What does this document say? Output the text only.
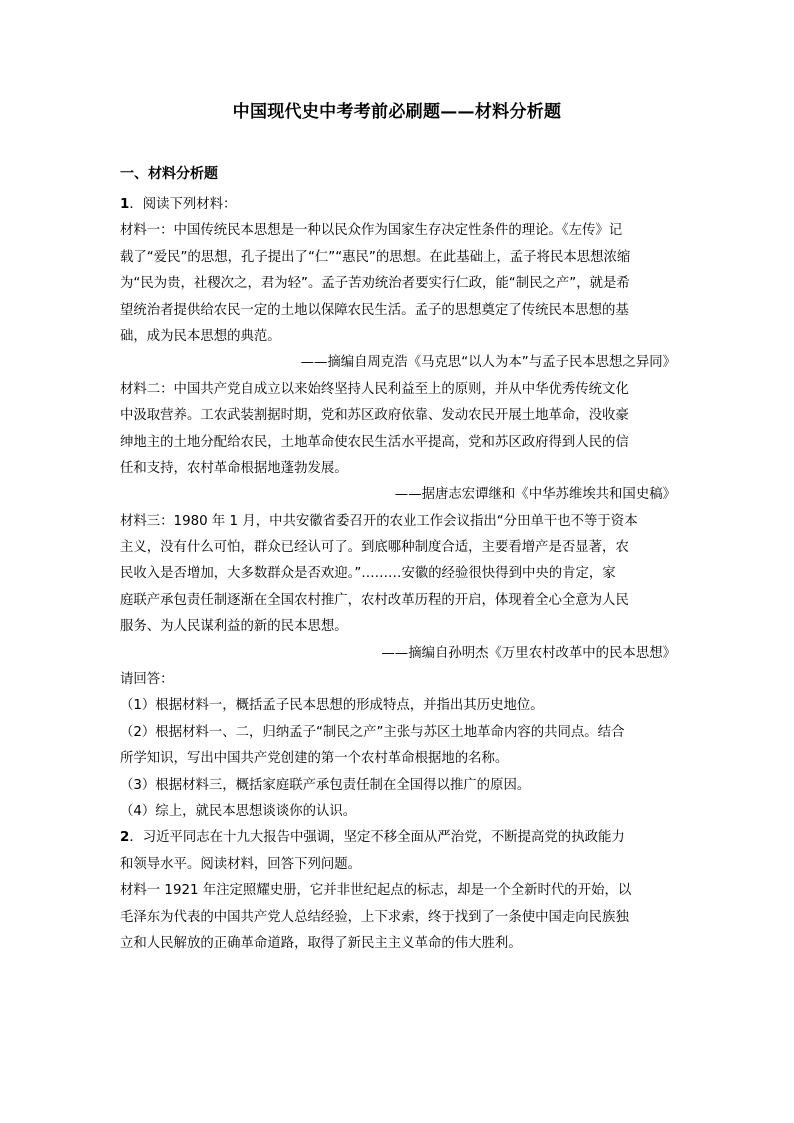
中国现代史中考考前必刷题——材料分析题
一、材料分析题
1．阅读下列材料：
材料一：中国传统民本思想是一种以民众作为国家生存决定性条件的理论。《左传》记
载了“爱民”的思想，孔子提出了“仁”“惠民”的思想。在此基础上，孟子将民本思想浓缩
为“民为贵，社稷次之，君为轻”。孟子苦劝统治者要实行仁政，能“制民之产”，就是希
望统治者提供给农民一定的土地以保障农民生活。孟子的思想奠定了传统民本思想的基
础，成为民本思想的典范。
——摘编自周克浩《马克思“以人为本”与孟子民本思想之异同》
材料二：中国共产党自成立以来始终坚持人民利益至上的原则，并从中华优秀传统文化
中汲取营养。工农武装割据时期，党和苏区政府依靠、发动农民开展土地革命，没收豪
绅地主的土地分配给农民，土地革命使农民生活水平提高，党和苏区政府得到人民的信
任和支持，农村革命根据地蓬勃发展。
——据唐志宏谭继和《中华苏维埃共和国史稿》
材料三：1980 年 1 月，中共安徽省委召开的农业工作会议指出“分田单干也不等于资本
主义，没有什么可怕，群众已经认可了。到底哪种制度合适，主要看增产是否显著，农
民收入是否增加，大多数群众是否欢迎。”………安徽的经验很快得到中央的肯定，家
庭联产承包责任制逐渐在全国农村推广，农村改革历程的开启，体现着全心全意为人民
服务、为人民谋利益的新的民本思想。
——摘编自孙明杰《万里农村改革中的民本思想》
请回答：
（1）根据材料一，概括孟子民本思想的形成特点，并指出其历史地位。
（2）根据材料一、二，归纳孟子“制民之产”主张与苏区土地革命内容的共同点。结合
所学知识，写出中国共产党创建的第一个农村革命根据地的名称。
（3）根据材料三，概括家庭联产承包责任制在全国得以推广的原因。
（4）综上，就民本思想谈谈你的认识。
2．习近平同志在十九大报告中强调，坚定不移全面从严治党，不断提高党的执政能力
和领导水平。阅读材料，回答下列问题。
材料一 1921 年注定照耀史册，它并非世纪起点的标志，却是一个全新时代的开始，以
毛泽东为代表的中国共产党人总结经验，上下求索，终于找到了一条使中国走向民族独
立和人民解放的正确革命道路，取得了新民主主义革命的伟大胜利。
